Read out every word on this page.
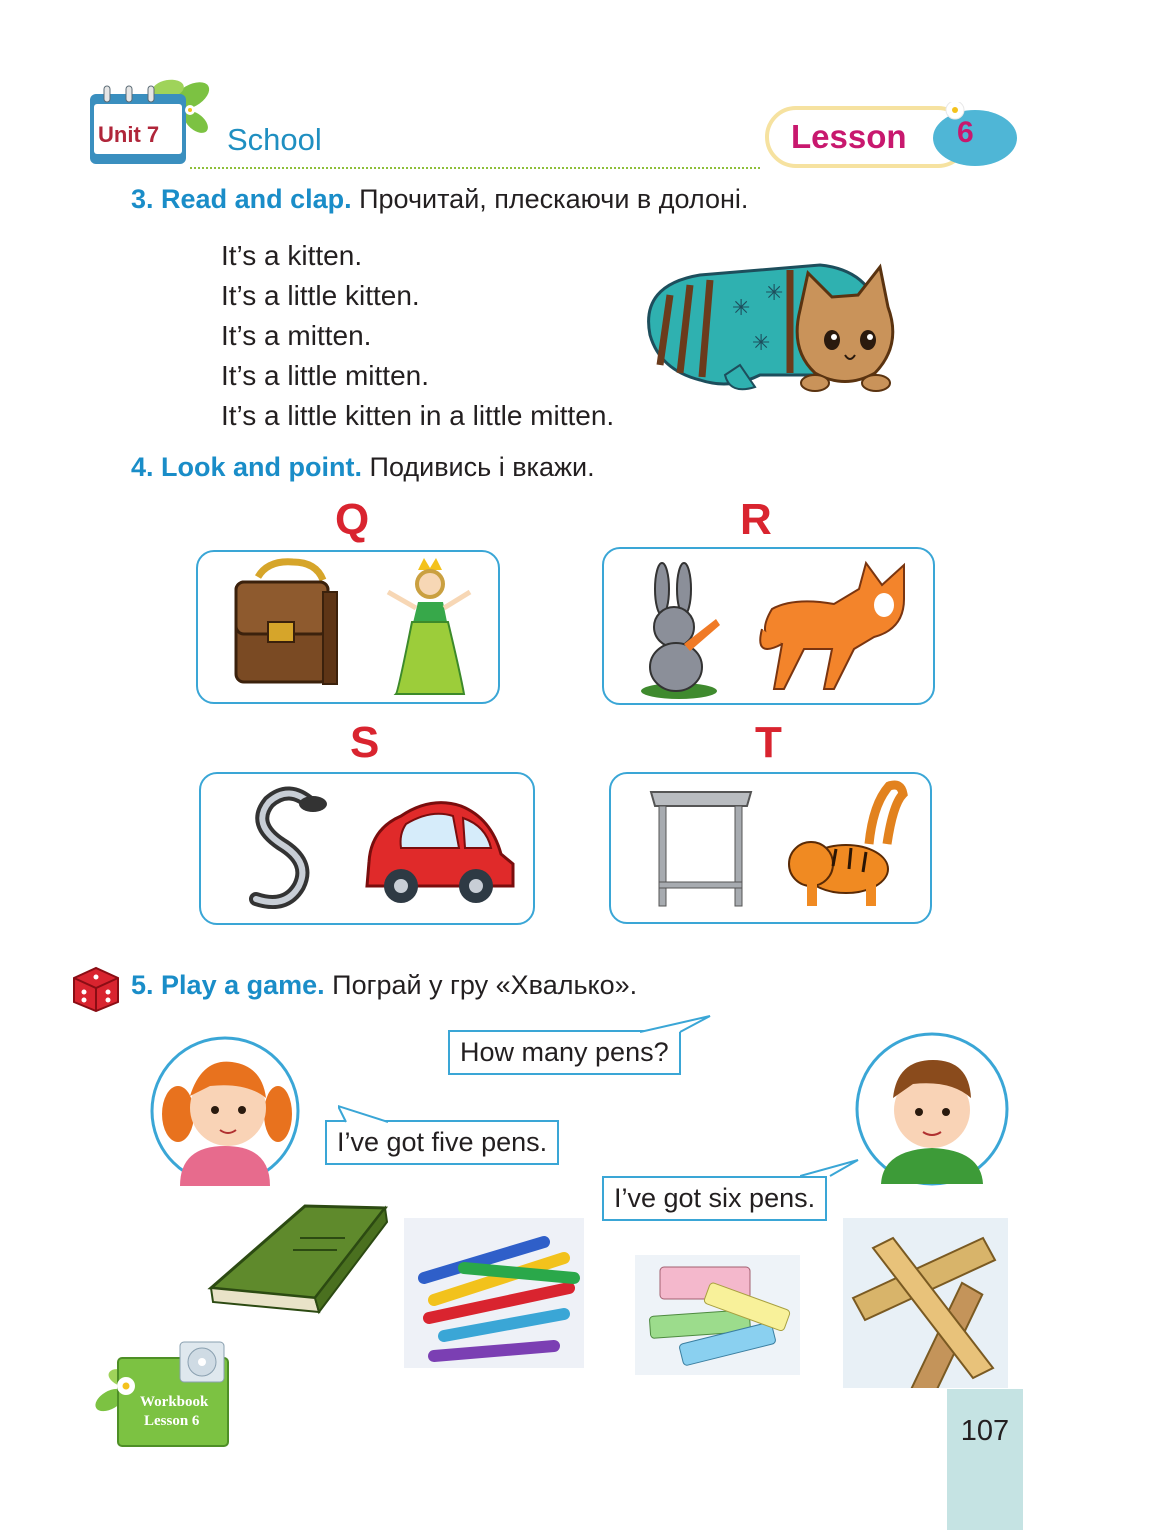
Unit 7 School	Lesson 6
3. Read and clap. Прочитай, плескаючи в долоні.
It’s a kitten.
It’s a little kitten.
It’s a mitten.
It’s a little mitten.
It’s a little kitten in a little mitten.
✳
✳
✳
4. Look and point. Подивись і вкажи.
Q	R
S	T
5. Play a game. Пограй у гру «Хвалько».
How many pens?
I’ve got five pens.
I’ve got six pens.
Workbook
Lesson 6	107
